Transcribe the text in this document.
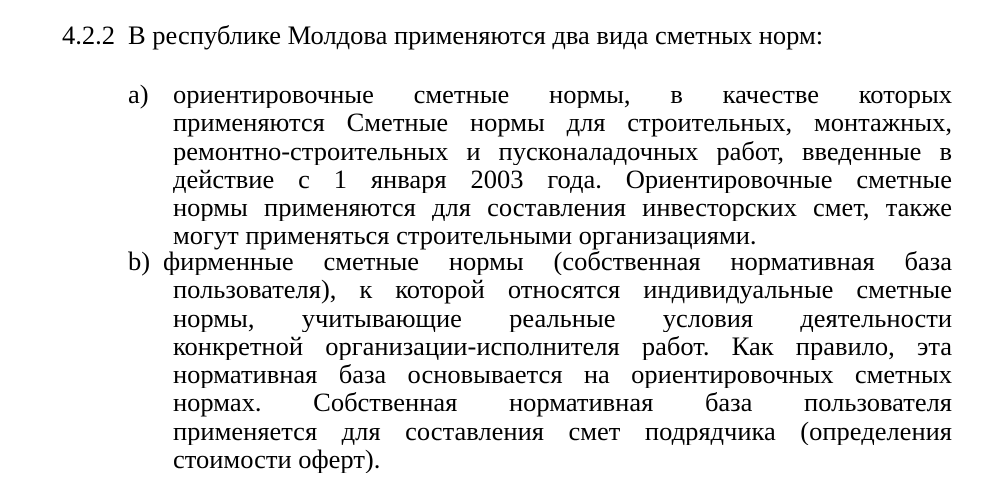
4.2.2 В республике Молдова применяются два вида сметных норм:
a) ориентировочные сметные нормы, в качестве которых
применяются Сметные нормы для строительных, монтажных,
ремонтно-строительных и пусконаладочных работ, введенные в
действие с 1 января 2003 года. Ориентировочные сметные
нормы применяются для составления инвесторских смет, также
могут применяться строительными организациями.
b) фирменные сметные нормы (собственная нормативная база
пользователя), к которой относятся индивидуальные сметные
нормы, учитывающие реальные условия деятельности
конкретной организации-исполнителя работ. Как правило, эта
нормативная база основывается на ориентировочных сметных
нормах. Собственная нормативная база пользователя
применяется для составления смет подрядчика (определения
стоимости оферт).
